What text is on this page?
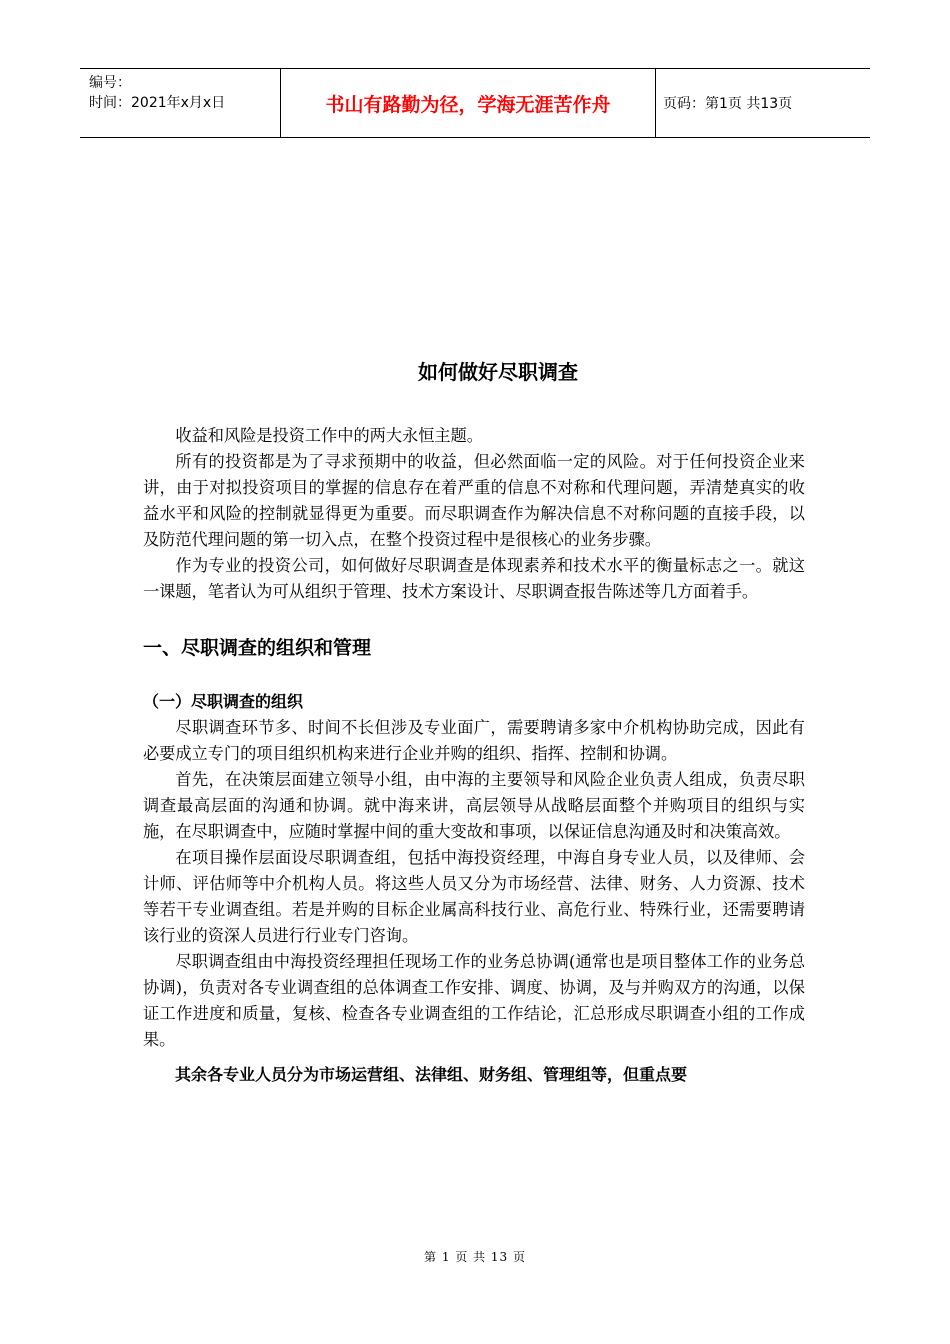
编号：
时间：2021年x月x日	书山有路勤为径，学海无涯苦作舟	页码：第1页 共13页
如何做好尽职调查

收益和风险是投资工作中的两大永恒主题。

所有的投资都是为了寻求预期中的收益，但必然面临一定的风险。对于任何投资企业来讲，由于对拟投资项目的掌握的信息存在着严重的信息不对称和代理问题，弄清楚真实的收益水平和风险的控制就显得更为重要。而尽职调查作为解决信息不对称问题的直接手段，以及防范代理问题的第一切入点，在整个投资过程中是很核心的业务步骤。

作为专业的投资公司，如何做好尽职调查是体现素养和技术水平的衡量标志之一。就这一课题，笔者认为可从组织于管理、技术方案设计、尽职调查报告陈述等几方面着手。

一、尽职调查的组织和管理
（一）尽职调查的组织

尽职调查环节多、时间不长但涉及专业面广，需要聘请多家中介机构协助完成，因此有必要成立专门的项目组织机构来进行企业并购的组织、指挥、控制和协调。

首先，在决策层面建立领导小组，由中海的主要领导和风险企业负责人组成，负责尽职调查最高层面的沟通和协调。就中海来讲，高层领导从战略层面整个并购项目的组织与实施，在尽职调查中，应随时掌握中间的重大变故和事项，以保证信息沟通及时和决策高效。

在项目操作层面设尽职调查组，包括中海投资经理，中海自身专业人员，以及律师、会计师、评估师等中介机构人员。将这些人员又分为市场经营、法律、财务、人力资源、技术等若干专业调查组。若是并购的目标企业属高科技行业、高危行业、特殊行业，还需要聘请该行业的资深人员进行行业专门咨询。

尽职调查组由中海投资经理担任现场工作的业务总协调(通常也是项目整体工作的业务总协调)，负责对各专业调查组的总体调查工作安排、调度、协调，及与并购双方的沟通，以保证工作进度和质量，复核、检查各专业调查组的工作结论，汇总形成尽职调查小组的工作成果。

其余各专业人员分为市场运营组、法律组、财务组、管理组等，但重点要

第 1 页 共 13 页
